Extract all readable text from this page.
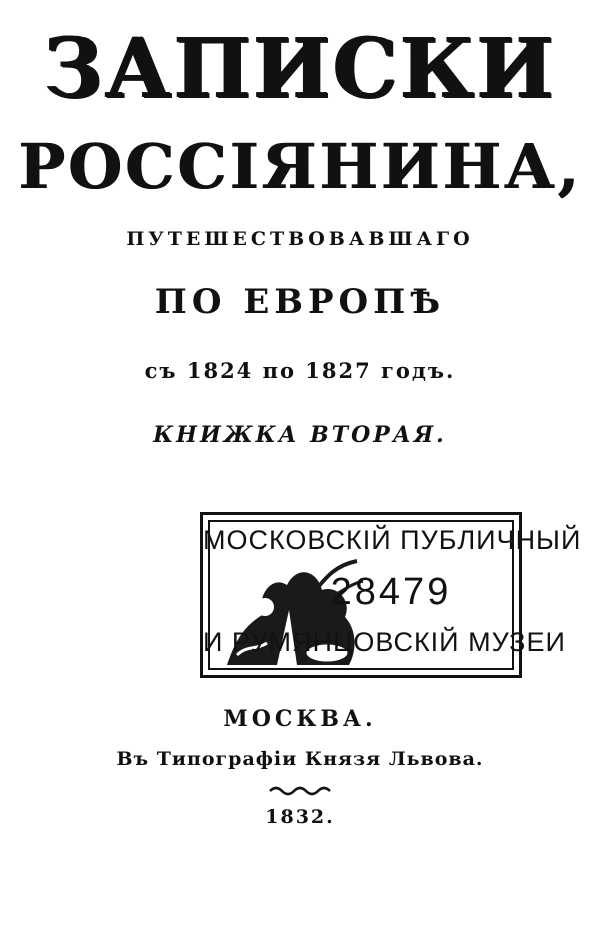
ЗАПИСКИ
РОССІЯНИНА,
ПУТЕШЕСТВОВАВШАГО
ПО ЕВРОПѢ
съ 1824 по 1827 годъ.
КНИЖКА ВТОРАЯ.
МОСКОВСКІЙ ПУБЛИЧНЫЙ
28479
И РУМЯНЦОВСКІЙ МУЗЕИ
МОСКВА.
Въ Типографіи Князя Львова.
1832.
